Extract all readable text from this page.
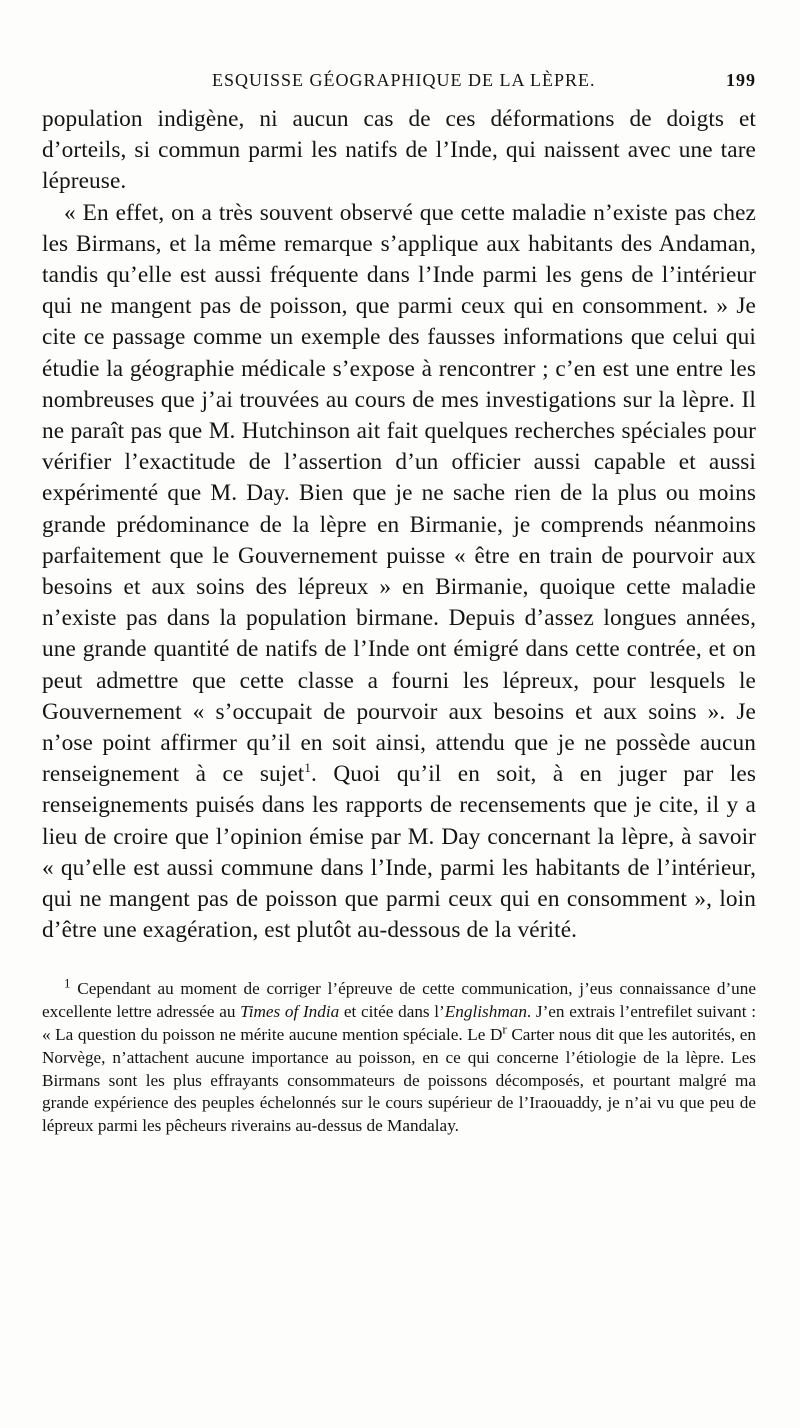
ESQUISSE GÉOGRAPHIQUE DE LA LÈPRE.	199

population indigène, ni aucun cas de ces déformations de doigts et d’orteils, si commun parmi les natifs de l’Inde, qui naissent avec une tare lépreuse.

« En effet, on a très souvent observé que cette maladie n’existe pas chez les Birmans, et la même remarque s’applique aux habitants des Andaman, tandis qu’elle est aussi fréquente dans l’Inde parmi les gens de l’intérieur qui ne mangent pas de poisson, que parmi ceux qui en consomment. » Je cite ce passage comme un exemple des fausses informations que celui qui étudie la géographie médicale s’expose à rencontrer ; c’en est une entre les nombreuses que j’ai trouvées au cours de mes investigations sur la lèpre. Il ne paraît pas que M. Hutchinson ait fait quelques recherches spéciales pour vérifier l’exactitude de l’assertion d’un officier aussi capable et aussi expérimenté que M. Day. Bien que je ne sache rien de la plus ou moins grande prédominance de la lèpre en Birmanie, je comprends néanmoins parfaitement que le Gouvernement puisse « être en train de pourvoir aux besoins et aux soins des lépreux » en Birmanie, quoique cette maladie n’existe pas dans la population birmane. Depuis d’assez longues années, une grande quantité de natifs de l’Inde ont émigré dans cette contrée, et on peut admettre que cette classe a fourni les lépreux, pour lesquels le Gouvernement « s’occupait de pourvoir aux besoins et aux soins ». Je n’ose point affirmer qu’il en soit ainsi, attendu que je ne possède aucun renseignement à ce sujet$^1$. Quoi qu’il en soit, à en juger par les renseignements puisés dans les rapports de recensements que je cite, il y a lieu de croire que l’opinion émise par M. Day concernant la lèpre, à savoir « qu’elle est aussi commune dans l’Inde, parmi les habitants de l’intérieur, qui ne mangent pas de poisson que parmi ceux qui en consomment », loin d’être une exagération, est plutôt au-dessous de la vérité.

$^1$ Cependant au moment de corriger l’épreuve de cette communication, j’eus connaissance d’une excellente lettre adressée au Times of India et citée dans l’Englishman. J’en extrais l’entrefilet suivant : « La question du poisson ne mérite aucune mention spéciale. Le $D^r$ Carter nous dit que les autorités, en Norvège, n’attachent aucune importance au poisson, en ce qui concerne l’étiologie de la lèpre. Les Birmans sont les plus effrayants consommateurs de poissons décomposés, et pourtant malgré ma grande expérience des peuples échelonnés sur le cours supérieur de l’Iraouaddy, je n’ai vu que peu de lépreux parmi les pêcheurs riverains au-dessus de Mandalay.
